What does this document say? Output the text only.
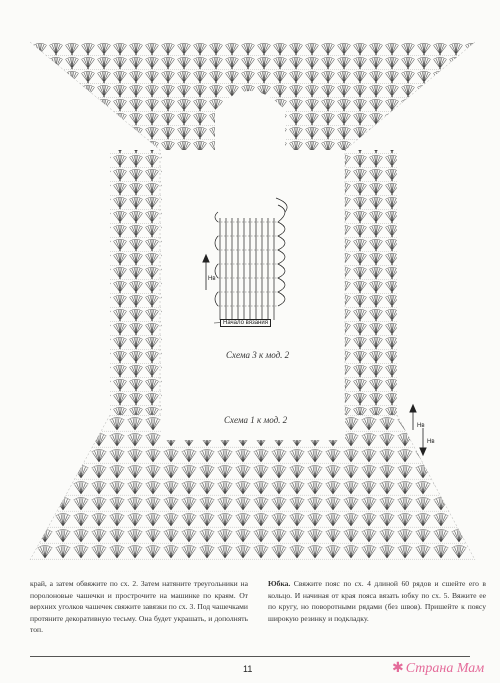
Нв
Начало вязания
Нв
Нв
Схема 3 к мод. 2
Схема 1 к мод. 2
край, а затем обвяжите по сх. 2. Затем натяните треугольники на поролоновые чашечки и прострочите на машинке по краям. От верхних уголков чашечек свяжите завязки по сх. 3. Под чашечками протяните декоративную тесьму. Она будет украшать, и дополнять топ.
Юбка. Свяжите пояс по сх. 4 длиной 60 рядов и сшейте его в кольцо. И начиная от края пояса вязать юбку по сх. 5. Вяжите ее по кругу, но поворотными рядами (без швов). Пришейте к поясу широкую резинку и подкладку.
11	✱ Страна Мам
